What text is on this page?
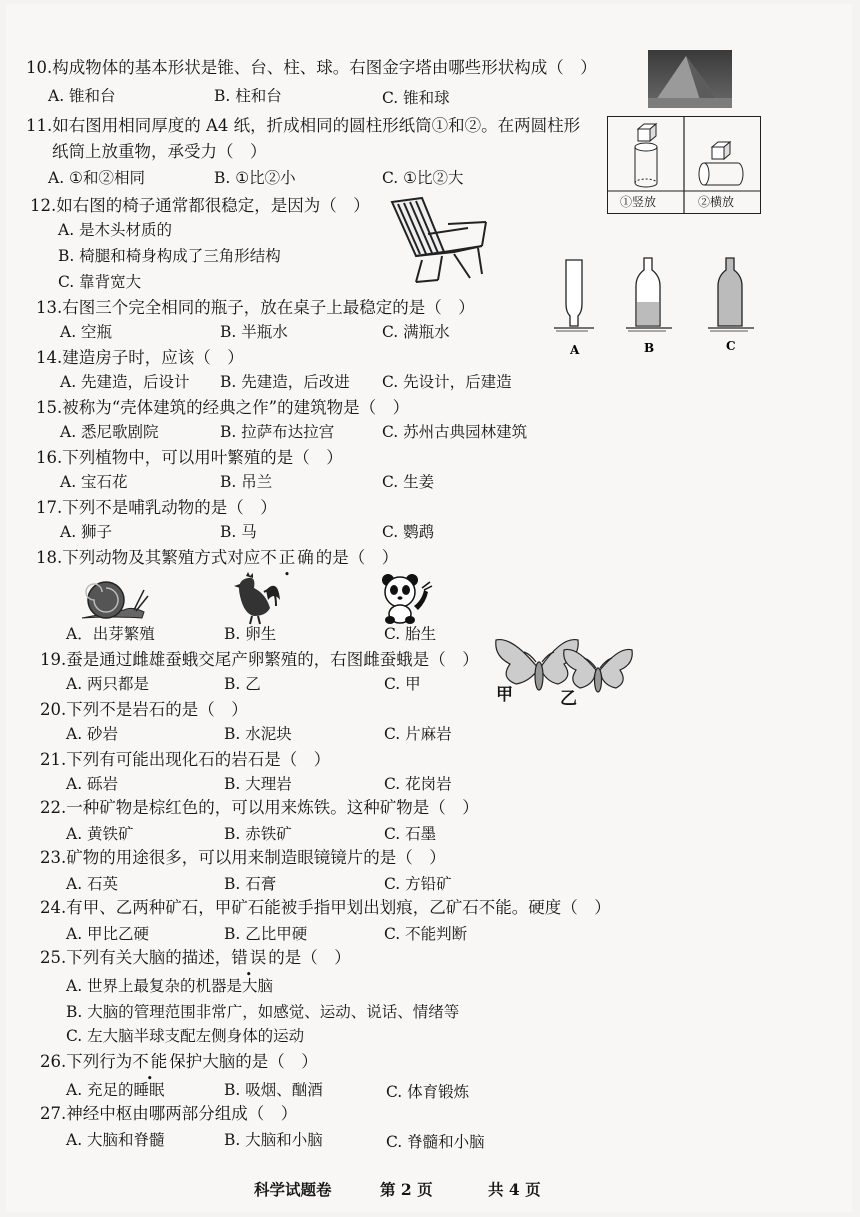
10.构成物体的基本形状是锥、台、柱、球。右图金字塔由哪些形状构成（　）
A. 锥和台	B. 柱和台	C. 锥和球
11.如右图用相同厚度的 A4 纸，折成相同的圆柱形纸筒①和②。在两圆柱形
纸筒上放重物，承受力（　）
A. ①和②相同	B. ①比②小	C. ①比②大
①竖放	②横放
12.如右图的椅子通常都很稳定，是因为（　）
A. 是木头材质的
B. 椅腿和椅身构成了三角形结构
C. 靠背宽大
A	B	C
13.右图三个完全相同的瓶子，放在桌子上最稳定的是（　）
A. 空瓶	B. 半瓶水	C. 满瓶水
14.建造房子时，应该（　）
A. 先建造，后设计 B. 先建造，后改进 C. 先设计，后建造
15.被称为“壳体建筑的经典之作”的建筑物是（　）
A. 悉尼歌剧院	B. 拉萨布达拉宫	C. 苏州古典园林建筑
16.下列植物中，可以用叶繁殖的是（　）
A. 宝石花	B. 吊兰	C. 生姜
17.下列不是哺乳动物的是（　）
A. 狮子	B. 马	C. 鹦鹉
18.下列动物及其繁殖方式对应不正确的是（　）
A．出芽繁殖	B. 卵生	C. 胎生
甲	乙
19.蚕是通过雌雄蚕蛾交尾产卵繁殖的，右图雌蚕蛾是（　）
A. 两只都是	B. 乙	C. 甲
20.下列不是岩石的是（　）
A. 砂岩	B. 水泥块	C. 片麻岩
21.下列有可能出现化石的岩石是（　）
A. 砾岩	B. 大理岩	C. 花岗岩
22.一种矿物是棕红色的，可以用来炼铁。这种矿物是（　）
A. 黄铁矿	B. 赤铁矿	C. 石墨
23.矿物的用途很多，可以用来制造眼镜镜片的是（　）
A. 石英	B. 石膏	C. 方铅矿
24.有甲、乙两种矿石，甲矿石能被手指甲划出划痕，乙矿石不能。硬度（　）
A. 甲比乙硬	B. 乙比甲硬	C. 不能判断
25.下列有关大脑的描述，错误的是（　）
A. 世界上最复杂的机器是大脑
B. 大脑的管理范围非常广，如感觉、运动、说话、情绪等
C. 左大脑半球支配左侧身体的运动
26.下列行为不能保护大脑的是（　）
A. 充足的睡眠	B. 吸烟、酗酒	C. 体育锻炼
27.神经中枢由哪两部分组成（　）
A. 大脑和脊髓	B. 大脑和小脑	C. 脊髓和小脑
科学试题卷	第 2 页	共 4 页
